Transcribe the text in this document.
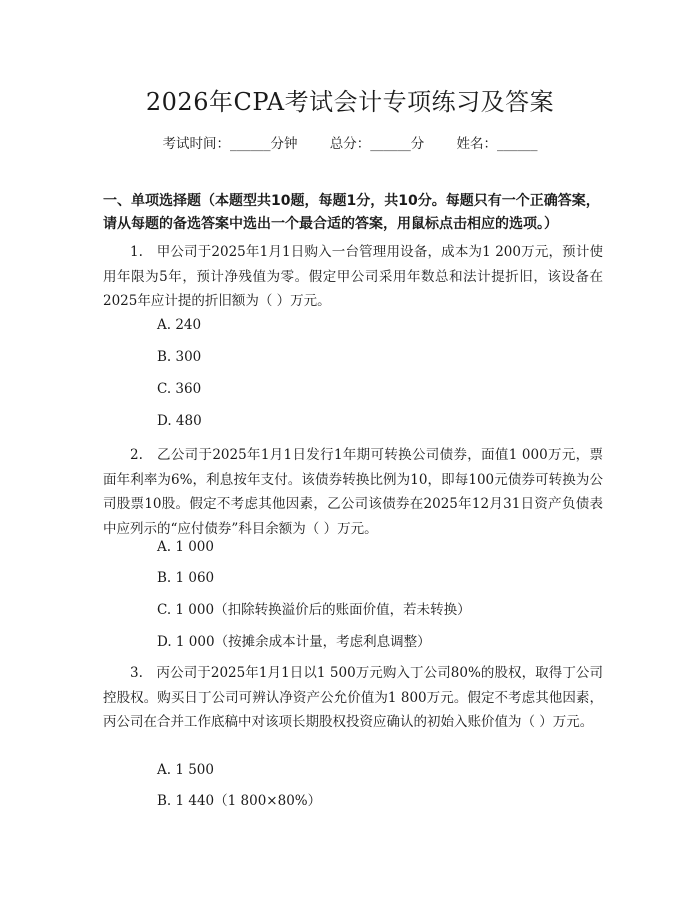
2026年CPA考试会计专项练习及答案
考试时间：______分钟 总分：______分 姓名：______
一、单项选择题（本题型共10题，每题1分，共10分。每题只有一个正确答案，请从每题的备选答案中选出一个最合适的答案，用鼠标点击相应的选项。）
1.　甲公司于2025年1月1日购入一台管理用设备，成本为1 200万元，预计使用年限为5年，预计净残值为零。假定甲公司采用年数总和法计提折旧，该设备在2025年应计提的折旧额为（ ）万元。
A. 240
B. 300
C. 360
D. 480
2.　乙公司于2025年1月1日发行1年期可转换公司债券，面值1 000万元，票面年利率为6%，利息按年支付。该债券转换比例为10，即每100元债券可转换为公司股票10股。假定不考虑其他因素，乙公司该债券在2025年12月31日资产负债表中应列示的“应付债券”科目余额为（ ）万元。
A. 1 000
B. 1 060
C. 1 000（扣除转换溢价后的账面价值，若未转换）
D. 1 000（按摊余成本计量，考虑利息调整）
3.　丙公司于2025年1月1日以1 500万元购入丁公司80%的股权，取得丁公司控股权。购买日丁公司可辨认净资产公允价值为1 800万元。假定不考虑其他因素，丙公司在合并工作底稿中对该项长期股权投资应确认的初始入账价值为（ ）万元。
A. 1 500
B. 1 440（1 800×80%）
